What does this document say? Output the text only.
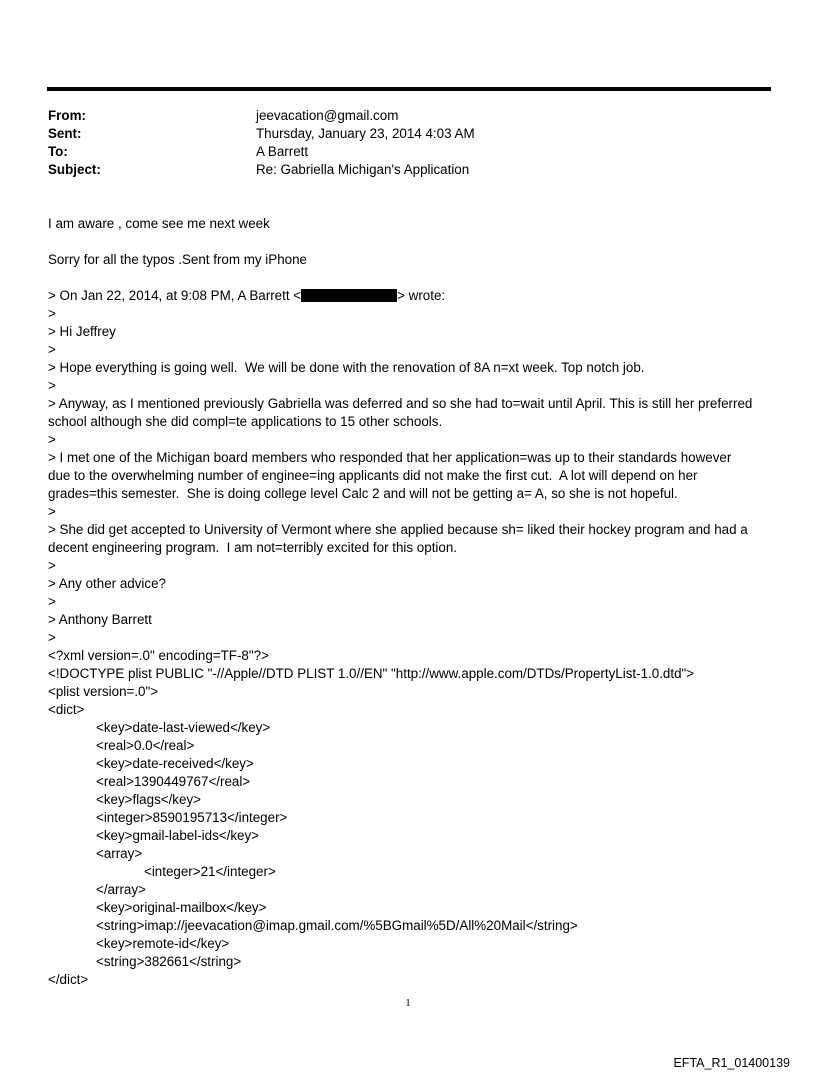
From:	jeevacation@gmail.com
Sent:	Thursday, January 23, 2014 4:03 AM
To:	A Barrett
Subject:	Re: Gabriella Michigan's Application
I am aware , come see me next week
Sorry for all the typos .Sent from my iPhone
> On Jan 22, 2014, at 9:08 PM, A Barrett <	> wrote:
>
> Hi Jeffrey
>
> Hope everything is going well.  We will be done with the renovation of 8A n=xt week. Top notch job.
>
> Anyway, as I mentioned previously Gabriella was deferred and so she had to=wait until April. This is still her preferred
school although she did compl=te applications to 15 other schools.
>
> I met one of the Michigan board members who responded that her application=was up to their standards however
due to the overwhelming number of enginee=ing applicants did not make the first cut.  A lot will depend on her
grades=this semester.  She is doing college level Calc 2 and will not be getting a= A, so she is not hopeful.
>
> She did get accepted to University of Vermont where she applied because sh= liked their hockey program and had a
decent engineering program.  I am not=terribly excited for this option.
>
> Any other advice?
>
> Anthony Barrett
>
<?xml version=.0" encoding=TF-8"?>
<!DOCTYPE plist PUBLIC "-//Apple//DTD PLIST 1.0//EN" "http://www.apple.com/DTDs/PropertyList-1.0.dtd">
<plist version=.0">
<dict>
<key>date-last-viewed</key>
<real>0.0</real>
<key>date-received</key>
<real>1390449767</real>
<key>flags</key>
<integer>8590195713</integer>
<key>gmail-label-ids</key>
<array>
<integer>21</integer>
</array>
<key>original-mailbox</key>
<string>imap://jeevacation@imap.gmail.com/%5BGmail%5D/All%20Mail</string>
<key>remote-id</key>
<string>382661</string>
</dict>
1
EFTA_R1_01400139
